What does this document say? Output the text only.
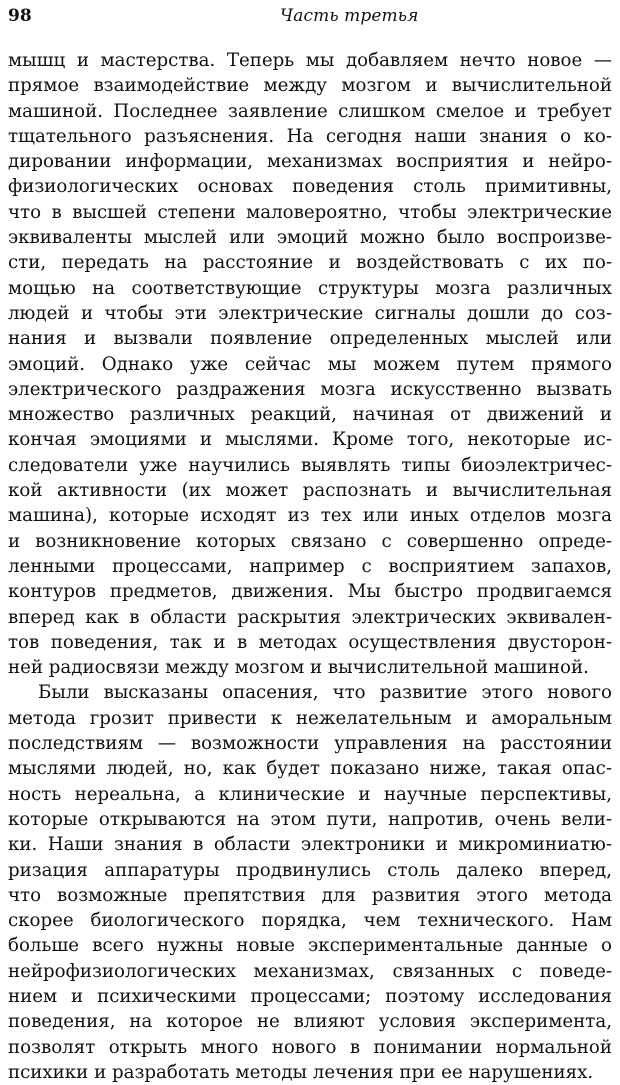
98	Часть третья
мышц и мастерства. Теперь мы добавляем нечто новое —
прямое взаимодействие между мозгом и вычислительной
машиной. Последнее заявление слишком смелое и требует
тщательного разъяснения. На сегодня наши знания о ко-
дировании информации, механизмах восприятия и нейро-
физиологических основах поведения столь примитивны,
что в высшей степени маловероятно, чтобы электрические
эквиваленты мыслей или эмоций можно было воспроизве-
сти, передать на расстояние и воздействовать с их по-
мощью на соответствующие структуры мозга различных
людей и чтобы эти электрические сигналы дошли до соз-
нания и вызвали появление определенных мыслей или
эмоций. Однако уже сейчас мы можем путем прямого
электрического раздражения мозга искусственно вызвать
множество различных реакций, начиная от движений и
кончая эмоциями и мыслями. Кроме того, некоторые ис-
следователи уже научились выявлять типы биоэлектричес-
кой активности (их может распознать и вычислительная
машина), которые исходят из тех или иных отделов мозга
и возникновение которых связано с совершенно опреде-
ленными процессами, например с восприятием запахов,
контуров предметов, движения. Мы быстро продвигаемся
вперед как в области раскрытия электрических эквивален-
тов поведения, так и в методах осуществления двусторон-
ней радиосвязи между мозгом и вычислительной машиной.
Были высказаны опасения, что развитие этого нового
метода грозит привести к нежелательным и аморальным
последствиям — возможности управления на расстоянии
мыслями людей, но, как будет показано ниже, такая опас-
ность нереальна, а клинические и научные перспективы,
которые открываются на этом пути, напротив, очень вели-
ки. Наши знания в области электроники и микроминиатю-
ризация аппаратуры продвинулись столь далеко вперед,
что возможные препятствия для развития этого метода
скорее биологического порядка, чем технического. Нам
больше всего нужны новые экспериментальные данные о
нейрофизиологических механизмах, связанных с поведе-
нием и психическими процессами; поэтому исследования
поведения, на которое не влияют условия эксперимента,
позволят открыть много нового в понимании нормальной
психики и разработать методы лечения при ее нарушениях.
